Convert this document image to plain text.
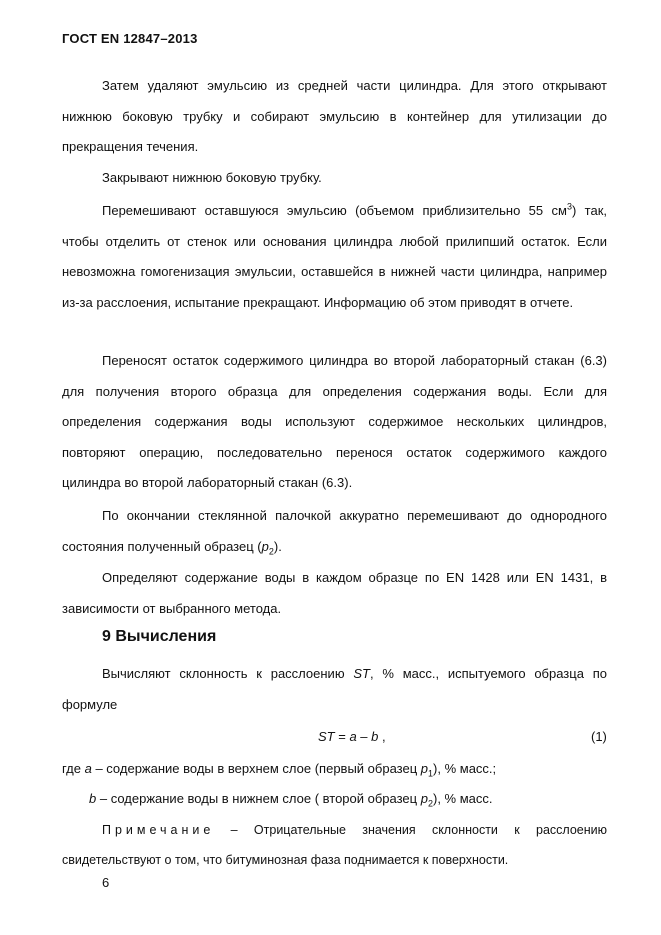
ГОСТ EN 12847–2013

Затем удаляют эмульсию из средней части цилиндра. Для этого открывают нижнюю боковую трубку и собирают эмульсию в контейнер для утилизации до прекращения течения.

Закрывают нижнюю боковую трубку.

Перемешивают оставшуюся эмульсию (объемом приблизительно 55 $см^3$) так, чтобы отделить от стенок или основания цилиндра любой прилипший остаток. Если невозможна гомогенизация эмульсии, оставшейся в нижней части цилиндра, например из-за расслоения, испытание прекращают. Информацию об этом приводят в отчете.

Переносят остаток содержимого цилиндра во второй лабораторный стакан (6.3) для получения второго образца для определения содержания воды. Если для определения содержания воды используют содержимое нескольких цилиндров, повторяют операцию, последовательно перенося остаток содержимого каждого цилиндра во второй лабораторный стакан (6.3).

По окончании стеклянной палочкой аккуратно перемешивают до однородного состояния полученный образец $(p_2)$.

Определяют содержание воды в каждом образце по EN 1428 или EN 1431, в зависимости от выбранного метода.

9 Вычисления

Вычисляют склонность к расслоению ST, % масс., испытуемого образца по формуле

ST = a – b ,	(1)
где a – содержание воды в верхнем слое (первый образец $p_1$), % масс.;
b – содержание воды в нижнем слое ( второй образец $p_2$), % масс.

Примечание – Отрицательные значения склонности к расслоению свидетельствуют о том, что битуминозная фаза поднимается к поверхности.

6
